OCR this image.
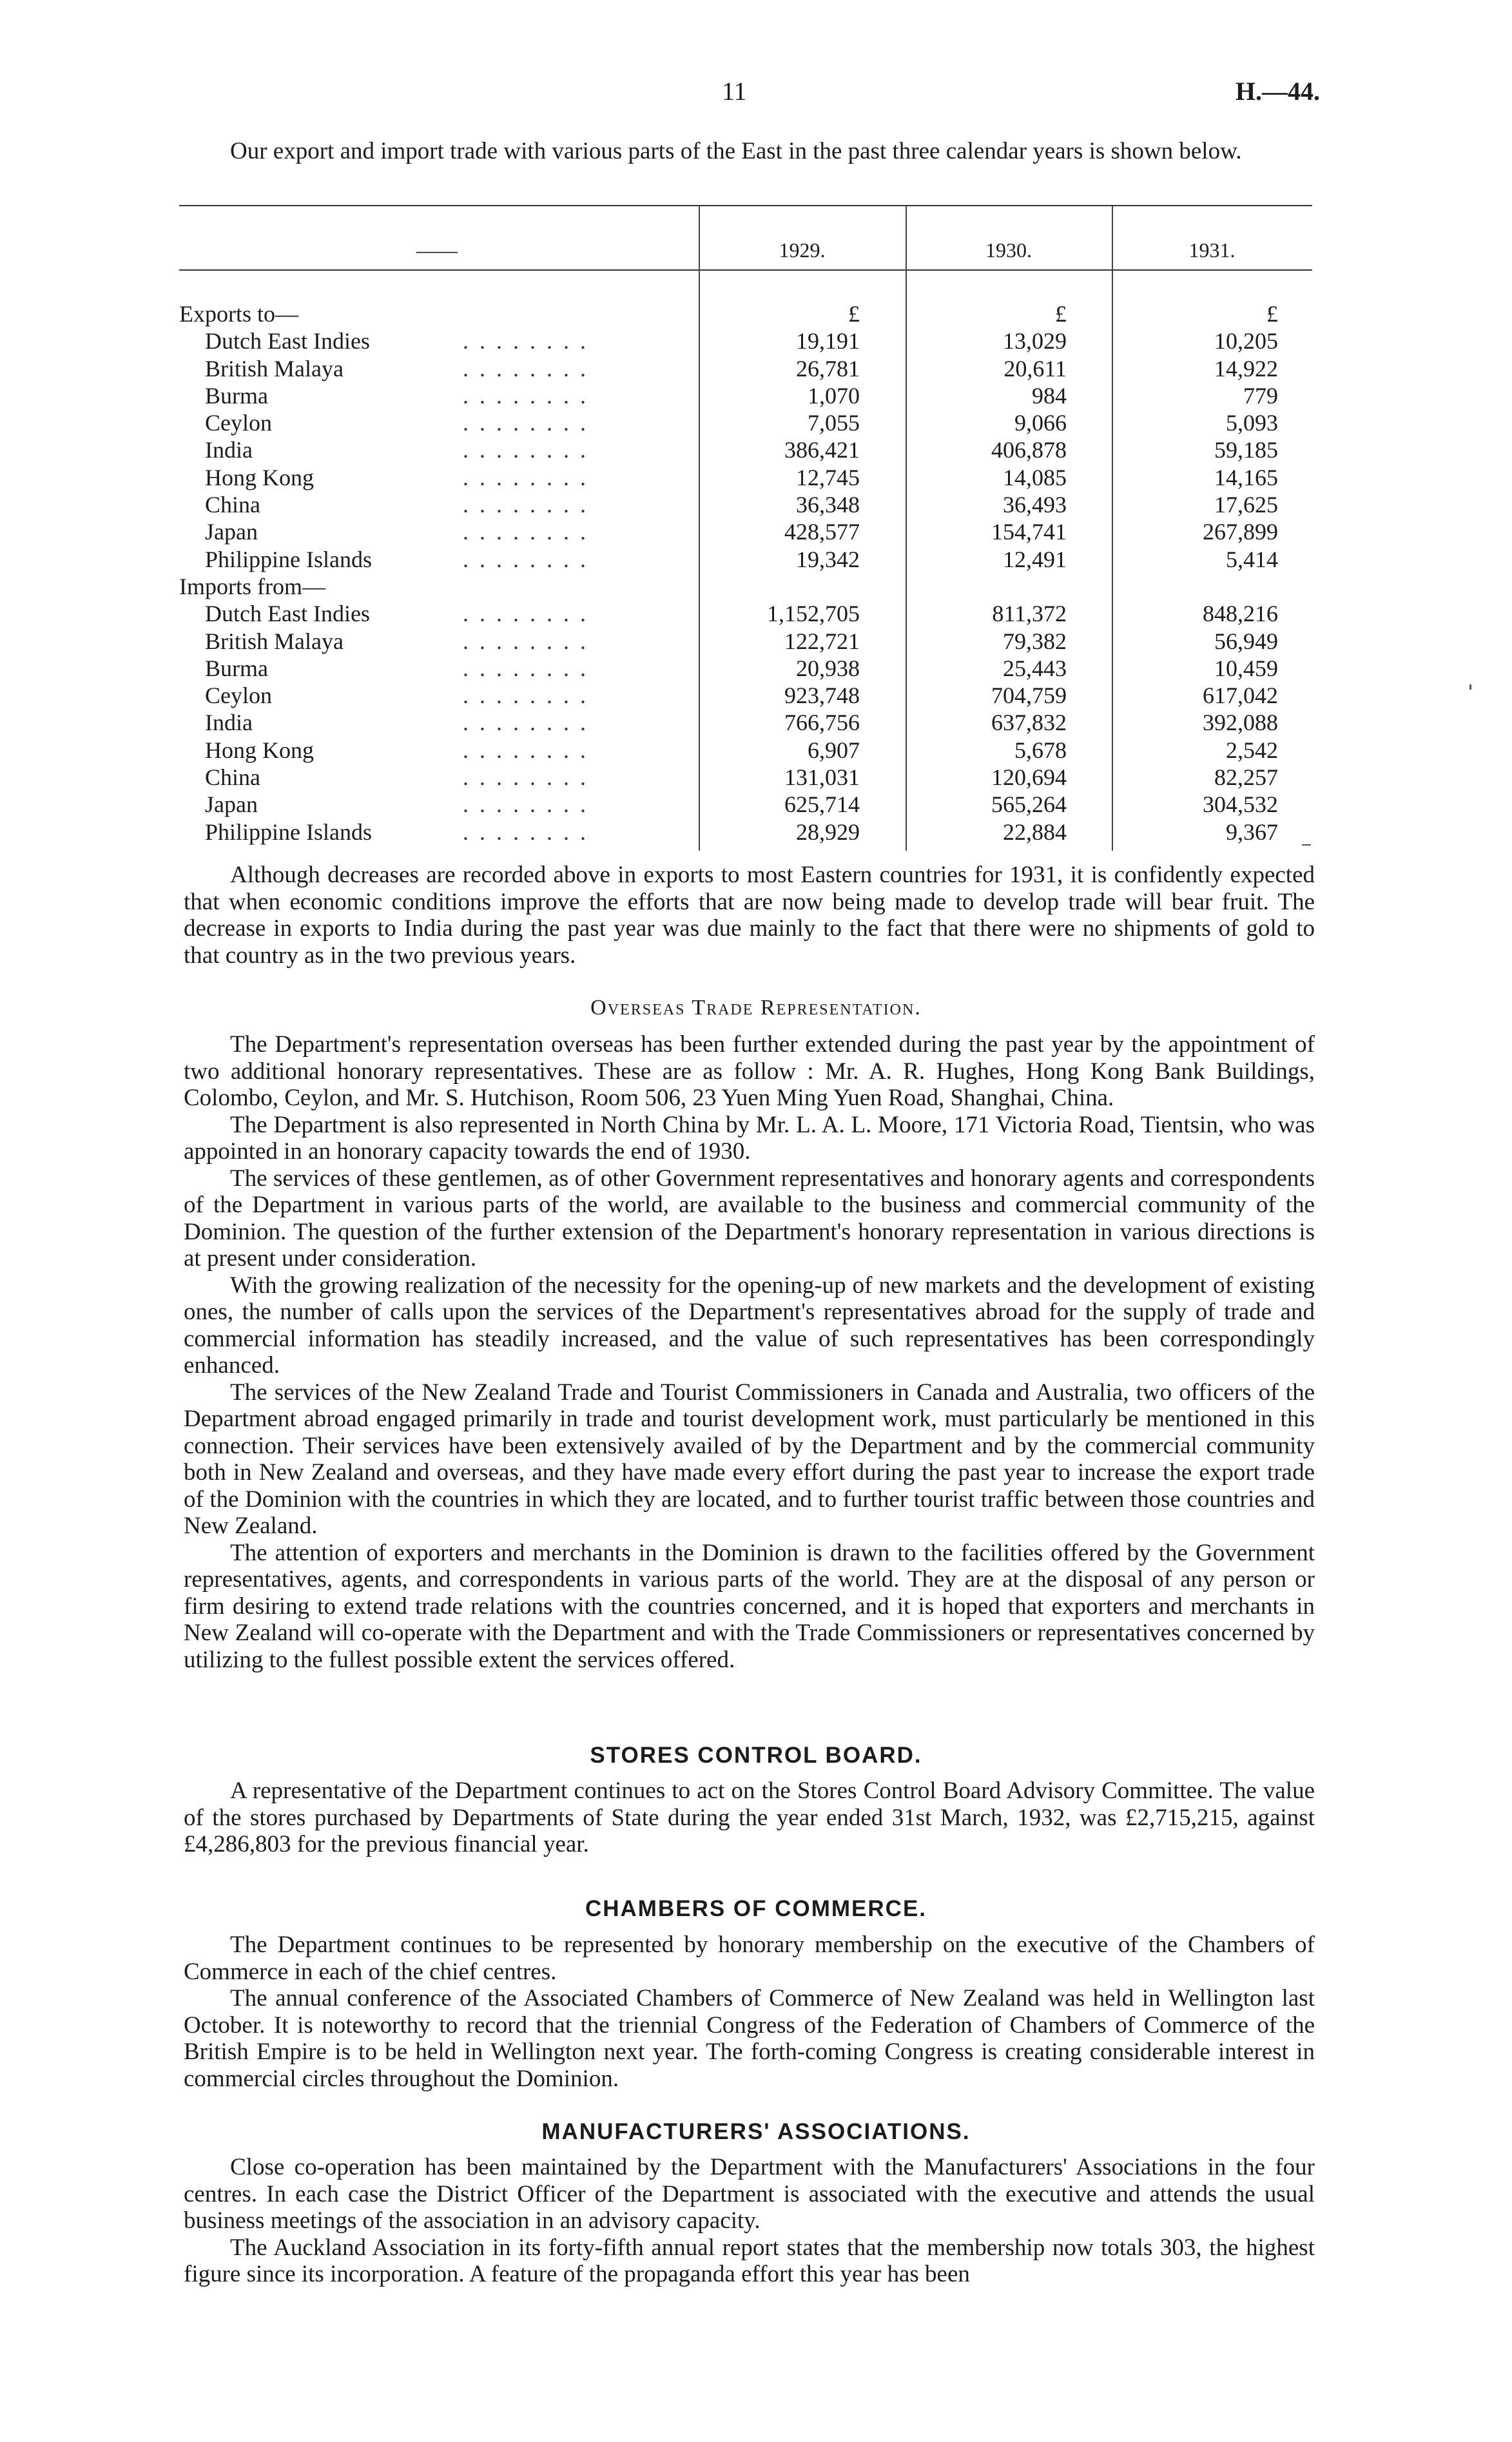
11	H.—44.

Our export and import trade with various parts of the East in the past three calendar years is shown below.

——	1929.	1930.	1931.
Exports to—	£	£	£
Dutch East Indies	. . . . . . . .	19,191	13,029	10,205
British Malaya	. . . . . . . .	26,781	20,611	14,922
Burma	. . . . . . . .	1,070	984	779
Ceylon	. . . . . . . .	7,055	9,066	5,093
India	. . . . . . . .	386,421	406,878	59,185
Hong Kong	. . . . . . . .	12,745	14,085	14,165
China	. . . . . . . .	36,348	36,493	17,625
Japan	. . . . . . . .	428,577	154,741	267,899
Philippine Islands	. . . . . . . .	19,342	12,491	5,414
Imports from—
Dutch East Indies	. . . . . . . .	1,152,705	811,372	848,216
British Malaya	. . . . . . . .	122,721	79,382	56,949
Burma	. . . . . . . .	20,938	25,443	10,459
Ceylon	. . . . . . . .	923,748	704,759	617,042
India	. . . . . . . .	766,756	637,832	392,088
Hong Kong	. . . . . . . .	6,907	5,678	2,542
China	. . . . . . . .	131,031	120,694	82,257
Japan	. . . . . . . .	625,714	565,264	304,532
Philippine Islands	. . . . . . . .	28,929	22,884	9,367

Although decreases are recorded above in exports to most Eastern countries for 1931, it is confidently expected that when economic conditions improve the efforts that are now being made to develop trade will bear fruit. The decrease in exports to India during the past year was due mainly to the fact that there were no shipments of gold to that country as in the two previous years.

Overseas Trade Representation.

The Department's representation overseas has been further extended during the past year by the appointment of two additional honorary representatives. These are as follow : Mr. A. R. Hughes, Hong Kong Bank Buildings, Colombo, Ceylon, and Mr. S. Hutchison, Room 506, 23 Yuen Ming Yuen Road, Shanghai, China.

The Department is also represented in North China by Mr. L. A. L. Moore, 171 Victoria Road, Tientsin, who was appointed in an honorary capacity towards the end of 1930.

The services of these gentlemen, as of other Government representatives and honorary agents and correspondents of the Department in various parts of the world, are available to the business and commercial community of the Dominion. The question of the further extension of the Department's honorary representation in various directions is at present under consideration.

With the growing realization of the necessity for the opening-up of new markets and the development of existing ones, the number of calls upon the services of the Department's representatives abroad for the supply of trade and commercial information has steadily increased, and the value of such representatives has been correspondingly enhanced.

The services of the New Zealand Trade and Tourist Commissioners in Canada and Australia, two officers of the Department abroad engaged primarily in trade and tourist development work, must particularly be mentioned in this connection. Their services have been extensively availed of by the Department and by the commercial community both in New Zealand and overseas, and they have made every effort during the past year to increase the export trade of the Dominion with the countries in which they are located, and to further tourist traffic between those countries and New Zealand.

The attention of exporters and merchants in the Dominion is drawn to the facilities offered by the Government representatives, agents, and correspondents in various parts of the world. They are at the disposal of any person or firm desiring to extend trade relations with the countries concerned, and it is hoped that exporters and merchants in New Zealand will co-operate with the Department and with the Trade Commissioners or representatives concerned by utilizing to the fullest possible extent the services offered.

STORES CONTROL BOARD.

A representative of the Department continues to act on the Stores Control Board Advisory Committee. The value of the stores purchased by Departments of State during the year ended 31st March, 1932, was £2,715,215, against £4,286,803 for the previous financial year.

CHAMBERS OF COMMERCE.

The Department continues to be represented by honorary membership on the executive of the Chambers of Commerce in each of the chief centres.

The annual conference of the Associated Chambers of Commerce of New Zealand was held in Wellington last October. It is noteworthy to record that the triennial Congress of the Federation of Chambers of Commerce of the British Empire is to be held in Wellington next year. The forth-coming Congress is creating considerable interest in commercial circles throughout the Dominion.

MANUFACTURERS' ASSOCIATIONS.

Close co-operation has been maintained by the Department with the Manufacturers' Associations in the four centres. In each case the District Officer of the Department is associated with the executive and attends the usual business meetings of the association in an advisory capacity.

The Auckland Association in its forty-fifth annual report states that the membership now totals 303, the highest figure since its incorporation. A feature of the propaganda effort this year has been
